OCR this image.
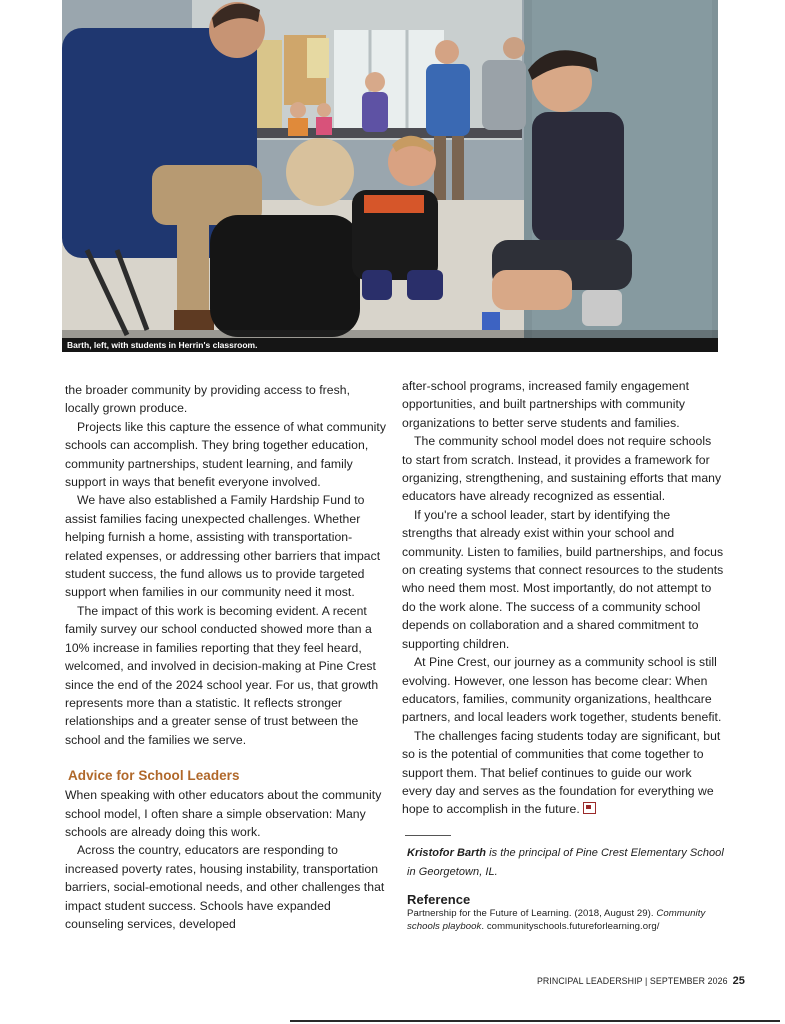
Barth, left, with students in Herrin's classroom.

the broader community by providing access to fresh, locally grown produce.

Projects like this capture the essence of what community schools can accomplish. They bring together education, community partnerships, student learning, and family support in ways that benefit everyone involved.

We have also established a Family Hardship Fund to assist families facing unexpected challenges. Whether helping furnish a home, assisting with transportation-related expenses, or addressing other barriers that impact student success, the fund allows us to provide targeted support when families in our community need it most.

The impact of this work is becoming evident. A recent family survey our school conducted showed more than a 10% increase in families reporting that they feel heard, welcomed, and involved in decision-making at Pine Crest since the end of the 2024 school year. For us, that growth represents more than a statistic. It reflects stronger relationships and a greater sense of trust between the school and the families we serve.

Advice for School Leaders

When speaking with other educators about the community school model, I often share a simple observation: Many schools are already doing this work.

Across the country, educators are responding to increased poverty rates, housing instability, transportation barriers, social-emotional needs, and other challenges that impact student success. Schools have expanded counseling services, developed

after-school programs, increased family engagement opportunities, and built partnerships with community organizations to better serve students and families.

The community school model does not require schools to start from scratch. Instead, it provides a framework for organizing, strengthening, and sustaining efforts that many educators have already recognized as essential.

If you're a school leader, start by identifying the strengths that already exist within your school and community. Listen to families, build partnerships, and focus on creating systems that connect resources to the students who need them most. Most importantly, do not attempt to do the work alone. The success of a community school depends on collaboration and a shared commitment to supporting children.

At Pine Crest, our journey as a community school is still evolving. However, one lesson has become clear: When educators, families, community organizations, healthcare partners, and local leaders work together, students benefit.

The challenges facing students today are significant, but so is the potential of communities that come together to support them. That belief continues to guide our work every day and serves as the foundation for everything we hope to accomplish in the future.

Kristofor Barth is the principal of Pine Crest Elementary School in Georgetown, IL.
Reference
Partnership for the Future of Learning. (2018, August 29). Community schools playbook. communityschools.futureforlearning.org/
PRINCIPAL LEADERSHIP | SEPTEMBER 2026 25
